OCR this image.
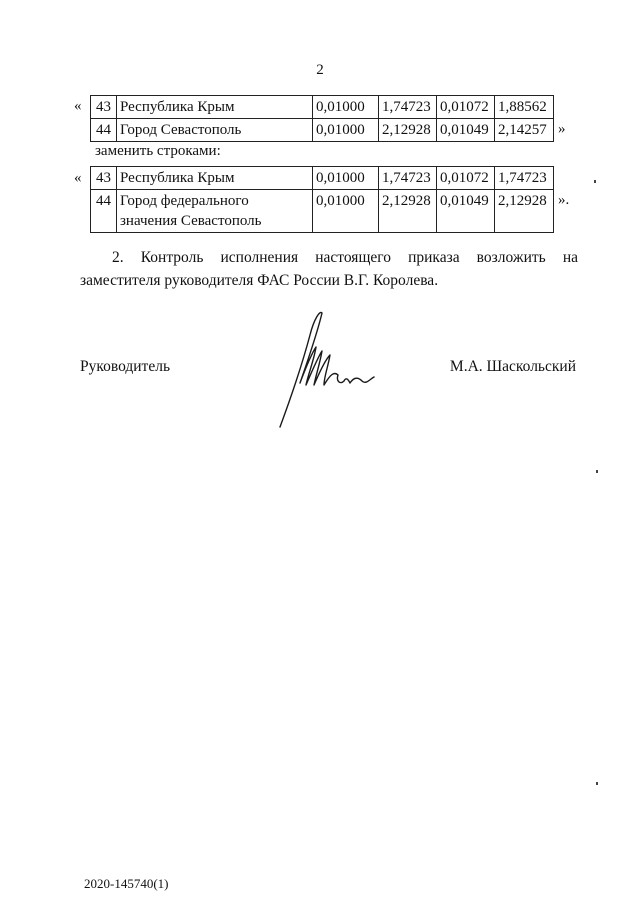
2
« 43	Республика Крым	0,01000	1,74723	0,01072	1,88562
44	Город Севастополь	0,01000	2,12928	0,01049	2,14257 »
заменить строками:
« 43	Республика Крым	0,01000	1,74723	0,01072	1,74723
44	Город федерального значения Севастополь	0,01000	2,12928	0,01049	2,12928 ».
2. Контроль исполнения настоящего приказа возложить на заместителя руководителя ФАС России В.Г. Королева.
Руководитель	М.А. Шаскольский
2020-145740(1)
